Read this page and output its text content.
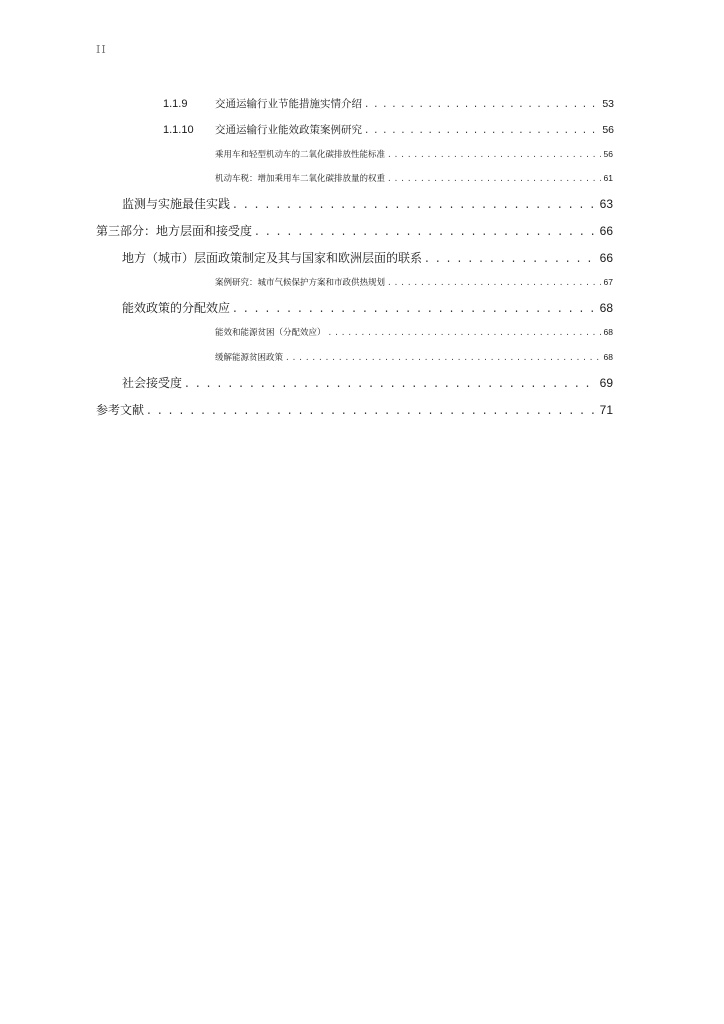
II
1.1.9	交通运输行业节能措施实情介绍 . . .	53
1.1.10	交通运输行业能效政策案例研究 . . .	56
乘用车和轻型机动车的二氧化碳排放性能标准 . . .	56
机动车税：增加乘用车二氧化碳排放量的权重 . . .	61
监测与实施最佳实践 . . .	63
第三部分：地方层面和接受度 . . .	66
地方（城市）层面政策制定及其与国家和欧洲层面的联系 . . .	66
案例研究：城市气候保护方案和市政供热规划 . . .	67
能效政策的分配效应 . . .	68
能效和能源贫困（分配效应） . . .	68
缓解能源贫困政策 . . .	68
社会接受度 . . .	69
参考文献 . . .	71
